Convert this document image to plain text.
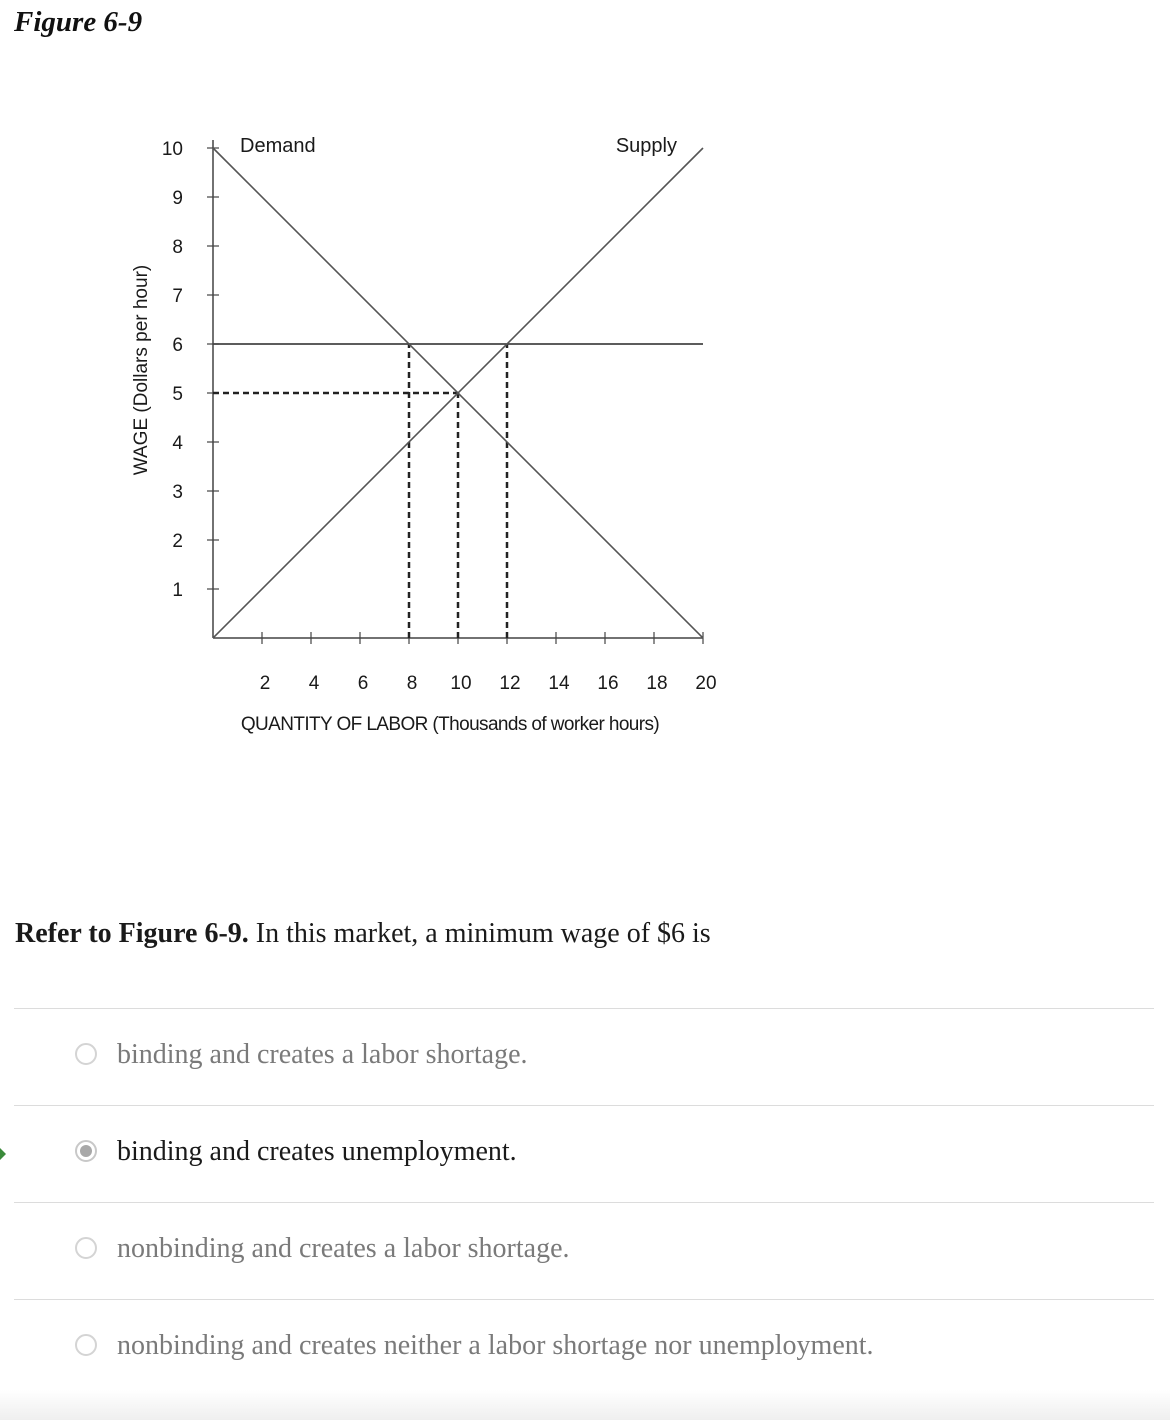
Figure 6-9
1
2
3
4
5
6
7
8
9
10
2 4 6 8 10 12 14 16 18 20
Demand	Supply
QUANTITY OF LABOR (Thousands of worker hours)
WAGE (Dollars per hour)
Refer to Figure 6-9. In this market, a minimum wage of $6 is
binding and creates a labor shortage.
binding and creates unemployment.
nonbinding and creates a labor shortage.
nonbinding and creates neither a labor shortage nor unemployment.
